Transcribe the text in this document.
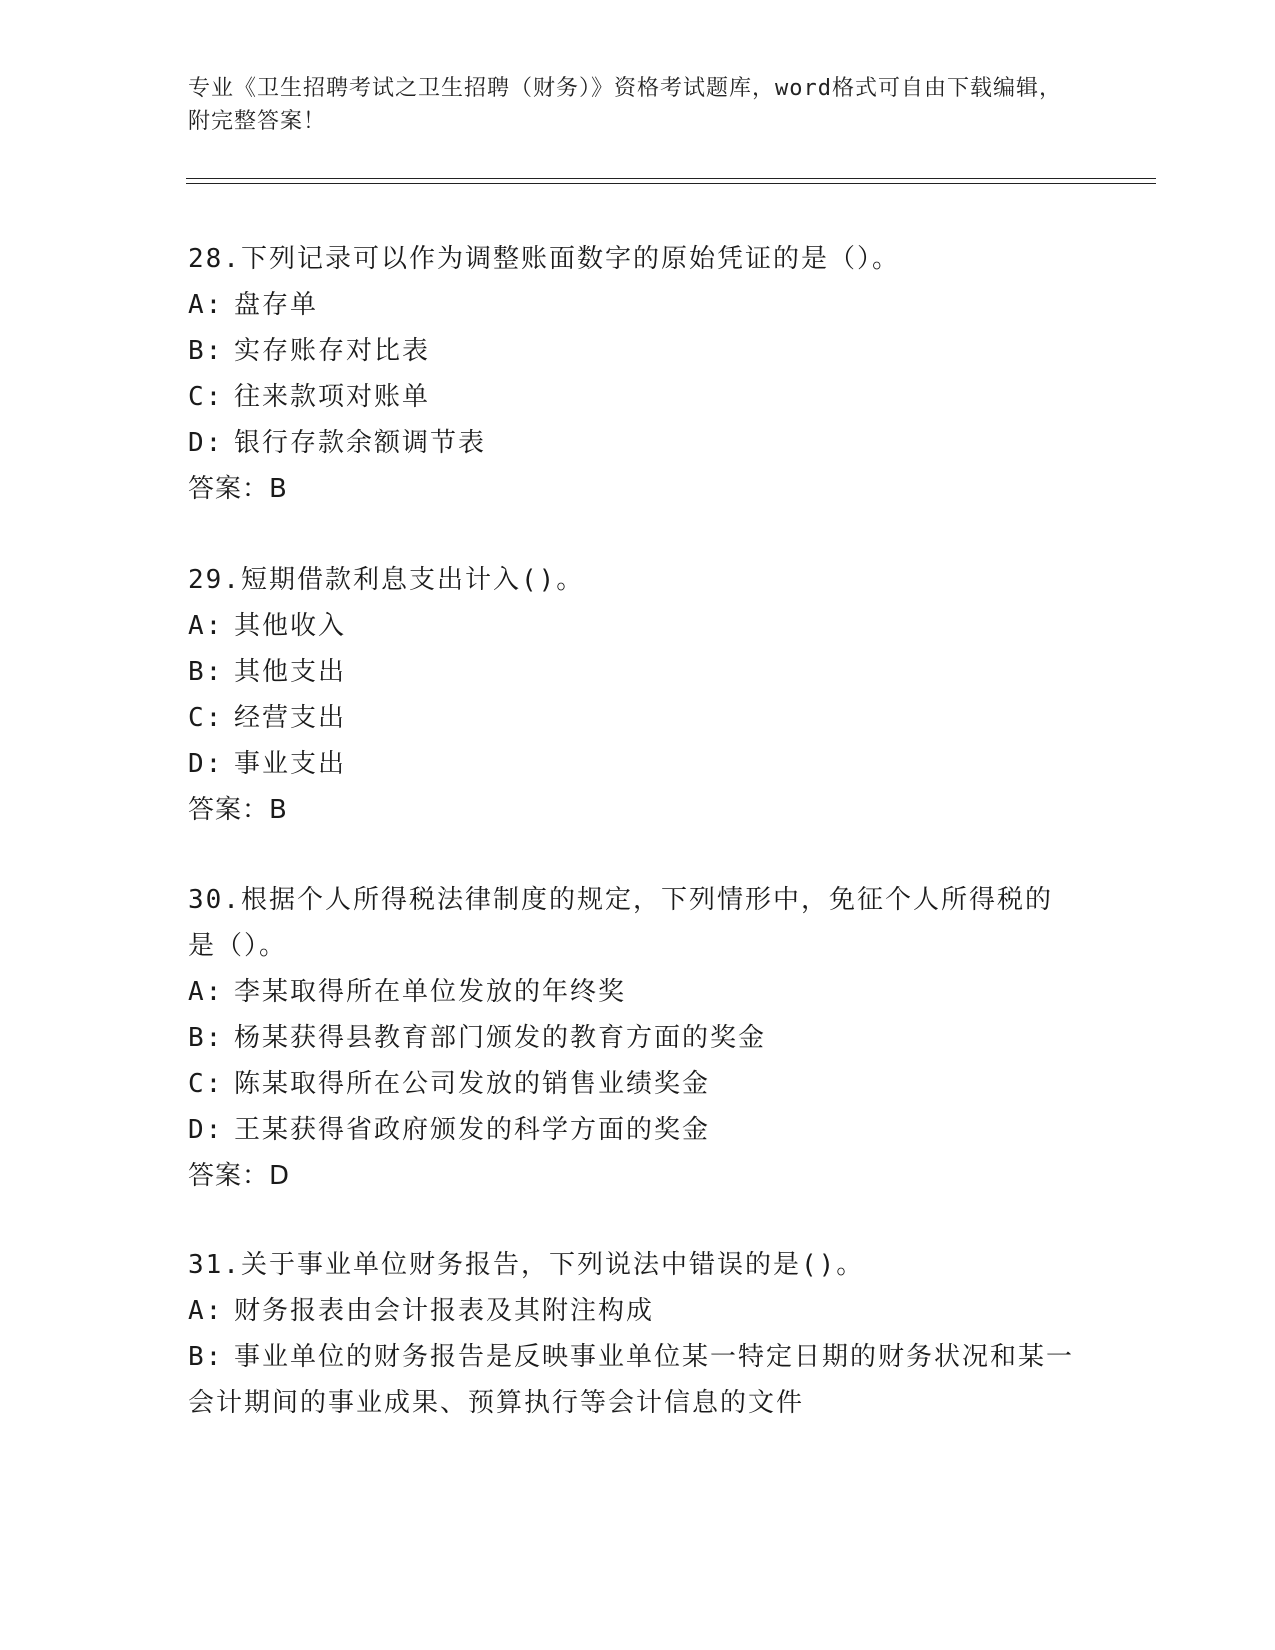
专业《卫生招聘考试之卫生招聘（财务）》资格考试题库，word格式可自由下载编辑，附完整答案！
28.下列记录可以作为调整账面数字的原始凭证的是（）。
A: 盘存单
B: 实存账存对比表
C: 往来款项对账单
D: 银行存款余额调节表
答案：B
29.短期借款利息支出计入()。
A: 其他收入
B: 其他支出
C: 经营支出
D: 事业支出
答案：B
30.根据个人所得税法律制度的规定，下列情形中，免征个人所得税的是（）。
A: 李某取得所在单位发放的年终奖
B: 杨某获得县教育部门颁发的教育方面的奖金
C: 陈某取得所在公司发放的销售业绩奖金
D: 王某获得省政府颁发的科学方面的奖金
答案：D
31.关于事业单位财务报告，下列说法中错误的是()。
A: 财务报表由会计报表及其附注构成
B: 事业单位的财务报告是反映事业单位某一特定日期的财务状况和某一会计期间的事业成果、预算执行等会计信息的文件
